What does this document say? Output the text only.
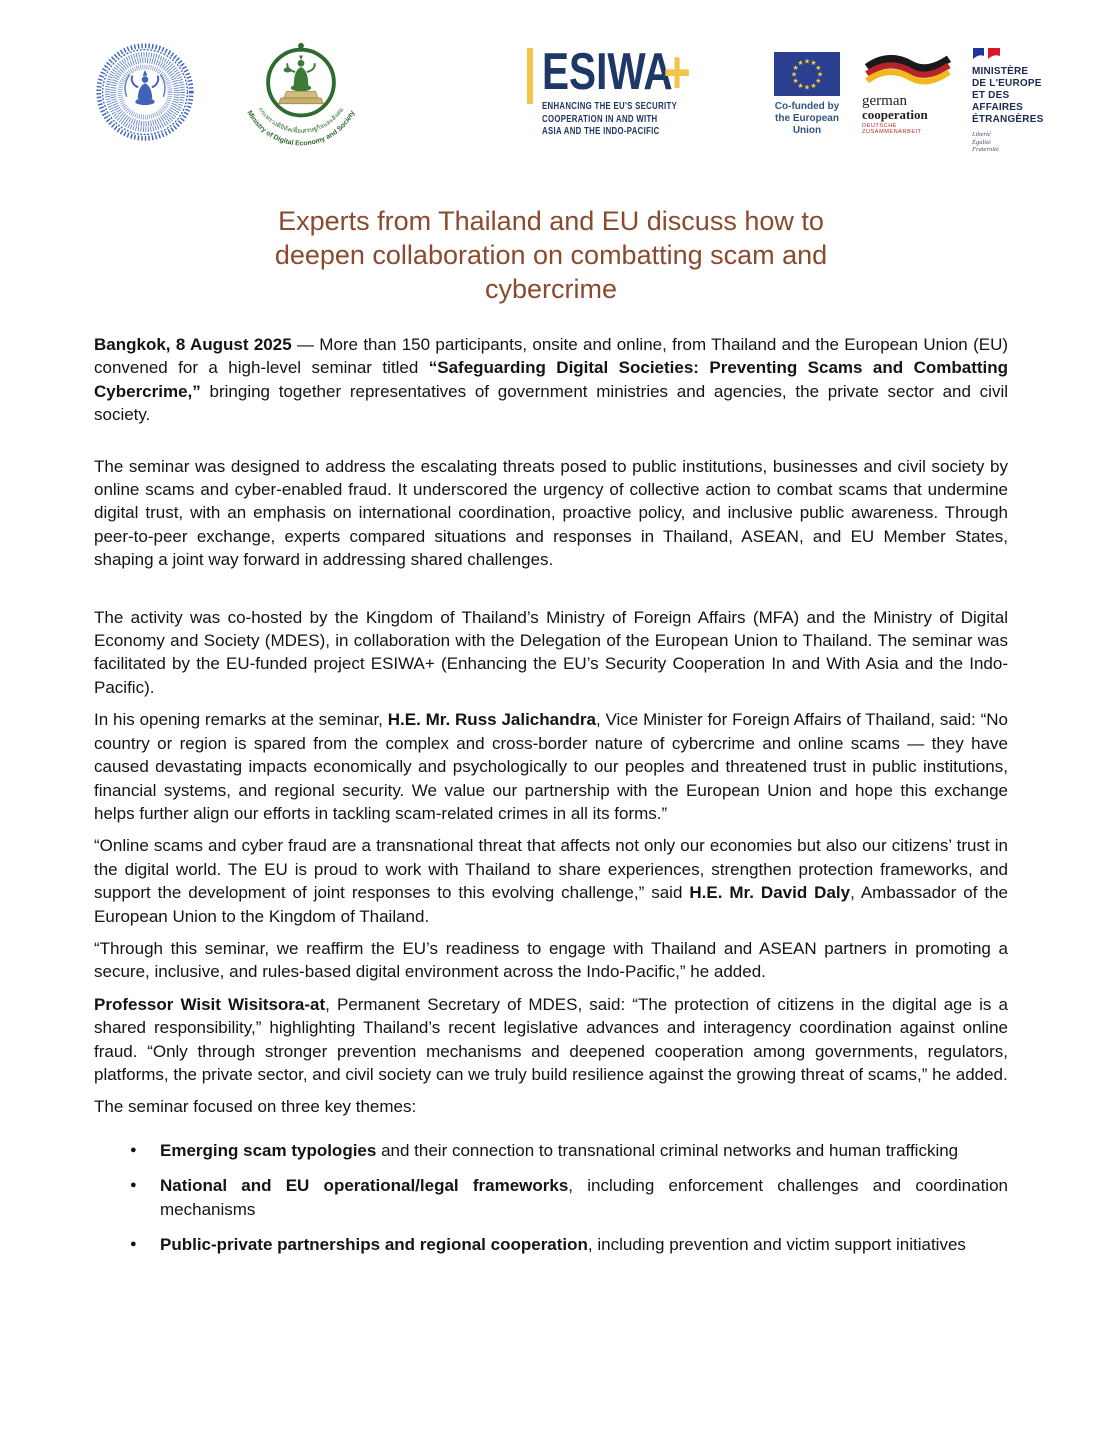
กระทรวงดิจิทัลเพื่อเศรษฐกิจและสังคม
Ministry of Digital Economy and Society
ESIWA+
ENHANCING THE EU'S SECURITY
COOPERATION IN AND WITH
ASIA AND THE INDO-PACIFIC
★ ★
★
★
★
★
★
★
★
★
★
★
Co-funded by
the European Union
german
cooperation
DEUTSCHE ZUSAMMENARBEIT
MINISTÈRE
DE L'EUROPE
ET DES AFFAIRES
ÉTRANGÈRES
Liberté
Égalité
Fraternité
Experts from Thailand and EU discuss how to
deepen collaboration on combatting scam and
cybercrime

Bangkok, 8 August 2025 — More than 150 participants, onsite and online, from Thailand and the European Union (EU) convened for a high-level seminar titled “Safeguarding Digital Societies: Preventing Scams and Combatting Cybercrime,” bringing together representatives of government ministries and agencies, the private sector and civil society.

The seminar was designed to address the escalating threats posed to public institutions, businesses and civil society by online scams and cyber-enabled fraud. It underscored the urgency of collective action to combat scams that undermine digital trust, with an emphasis on international coordination, proactive policy, and inclusive public awareness. Through peer-to-peer exchange, experts compared situations and responses in Thailand, ASEAN, and EU Member States, shaping a joint way forward in addressing shared challenges.

The activity was co-hosted by the Kingdom of Thailand’s Ministry of Foreign Affairs (MFA) and the Ministry of Digital Economy and Society (MDES), in collaboration with the Delegation of the European Union to Thailand. The seminar was facilitated by the EU-funded project ESIWA+ (Enhancing the EU’s Security Cooperation In and With Asia and the Indo-Pacific).

In his opening remarks at the seminar, H.E. Mr. Russ Jalichandra, Vice Minister for Foreign Affairs of Thailand, said: “No country or region is spared from the complex and cross-border nature of cybercrime and online scams — they have caused devastating impacts economically and psychologically to our peoples and threatened trust in public institutions, financial systems, and regional security. We value our partnership with the European Union and hope this exchange helps further align our efforts in tackling scam-related crimes in all its forms.”

“Online scams and cyber fraud are a transnational threat that affects not only our economies but also our citizens’ trust in the digital world. The EU is proud to work with Thailand to share experiences, strengthen protection frameworks, and support the development of joint responses to this evolving challenge,” said H.E. Mr. David Daly, Ambassador of the European Union to the Kingdom of Thailand.

“Through this seminar, we reaffirm the EU’s readiness to engage with Thailand and ASEAN partners in promoting a secure, inclusive, and rules-based digital environment across the Indo-Pacific,” he added.

Professor Wisit Wisitsora-at, Permanent Secretary of MDES, said: “The protection of citizens in the digital age is a shared responsibility,” highlighting Thailand’s recent legislative advances and interagency coordination against online fraud. “Only through stronger prevention mechanisms and deepened cooperation among governments, regulators, platforms, the private sector, and civil society can we truly build resilience against the growing threat of scams,” he added.

The seminar focused on three key themes:

●	Emerging scam typologies and their connection to transnational criminal networks and human trafficking
●	National and EU operational/legal frameworks, including enforcement challenges and coordination mechanisms
●	Public-private partnerships and regional cooperation, including prevention and victim support initiatives
